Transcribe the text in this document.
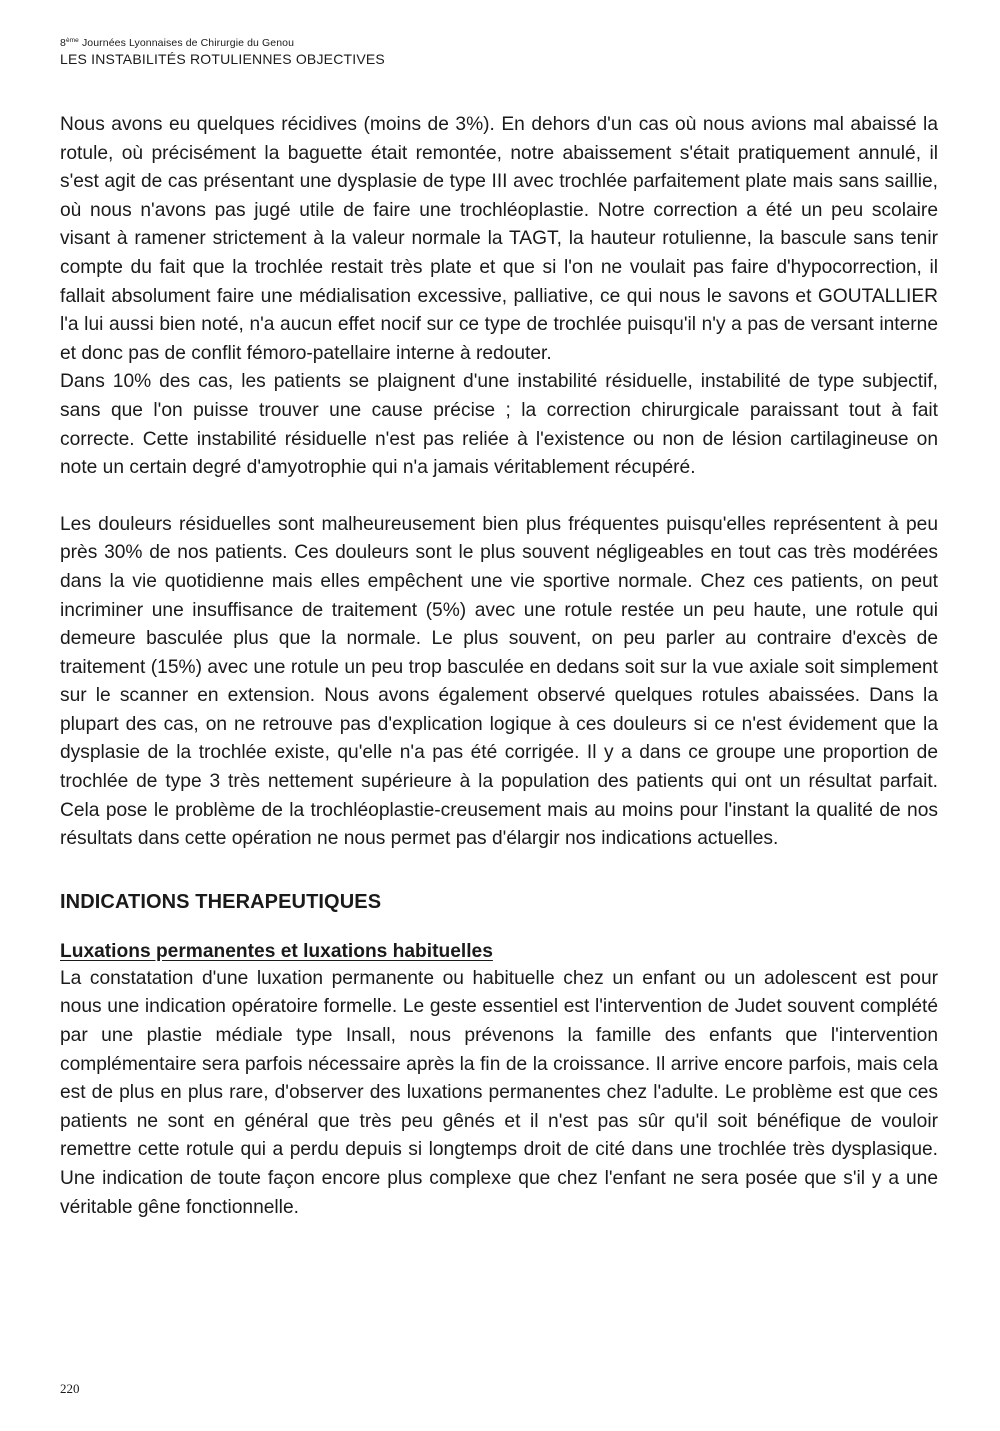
8ème Journées Lyonnaises de Chirurgie du Genou
LES INSTABILITÉS ROTULIENNES OBJECTIVES

Nous avons eu quelques récidives (moins de 3%). En dehors d'un cas où nous avions mal abaissé la rotule, où précisément la baguette était remontée, notre abaissement s'était pratiquement annulé, il s'est agit de cas présentant une dysplasie de type III avec trochlée parfaitement plate mais sans saillie, où nous n'avons pas jugé utile de faire une trochléoplastie. Notre correction a été un peu scolaire visant à ramener strictement à la valeur normale la TAGT, la hauteur rotulienne, la bascule sans tenir compte du fait que la trochlée restait très plate et que si l'on ne voulait pas faire d'hypocorrection, il fallait absolument faire une médialisation excessive, palliative, ce qui nous le savons et GOUTALLIER l'a lui aussi bien noté, n'a aucun effet nocif sur ce type de trochlée puisqu'il n'y a pas de versant interne et donc pas de conflit fémoro-patellaire interne à redouter.

Dans 10% des cas, les patients se plaignent d'une instabilité résiduelle, instabilité de type subjectif, sans que l'on puisse trouver une cause précise ; la correction chirurgicale paraissant tout à fait correcte. Cette instabilité résiduelle n'est pas reliée à l'existence ou non de lésion cartilagineuse on note un certain degré d'amyotrophie qui n'a jamais véritablement récupéré.

Les douleurs résiduelles sont malheureusement bien plus fréquentes puisqu'elles représentent à peu près 30% de nos patients. Ces douleurs sont le plus souvent négligeables en tout cas très modérées dans la vie quotidienne mais elles empêchent une vie sportive normale. Chez ces patients, on peut incriminer une insuffisance de traitement (5%) avec une rotule restée un peu haute, une rotule qui demeure basculée plus que la normale. Le plus souvent, on peu parler au contraire d'excès de traitement (15%) avec une rotule un peu trop basculée en dedans soit sur la vue axiale soit simplement sur le scanner en extension. Nous avons également observé quelques rotules abaissées. Dans la plupart des cas, on ne retrouve pas d'explication logique à ces douleurs si ce n'est évidement que la dysplasie de la trochlée existe, qu'elle n'a pas été corrigée. Il y a dans ce groupe une proportion de trochlée de type 3 très nettement supérieure à la population des patients qui ont un résultat parfait. Cela pose le problème de la trochléoplastie-creusement mais au moins pour l'instant la qualité de nos résultats dans cette opération ne nous permet pas d'élargir nos indications actuelles.

INDICATIONS THERAPEUTIQUES
Luxations permanentes et luxations habituelles

La constatation d'une luxation permanente ou habituelle chez un enfant ou un adolescent est pour nous une indication opératoire formelle. Le geste essentiel est l'intervention de Judet souvent complété par une plastie médiale type Insall, nous prévenons la famille des enfants que l'intervention complémentaire sera parfois nécessaire après la fin de la croissance. Il arrive encore parfois, mais cela est de plus en plus rare, d'observer des luxations permanentes chez l'adulte. Le problème est que ces patients ne sont en général que très peu gênés et il n'est pas sûr qu'il soit bénéfique de vouloir remettre cette rotule qui a perdu depuis si longtemps droit de cité dans une trochlée très dysplasique. Une indication de toute façon encore plus complexe que chez l'enfant ne sera posée que s'il y a une véritable gêne fonctionnelle.

220
